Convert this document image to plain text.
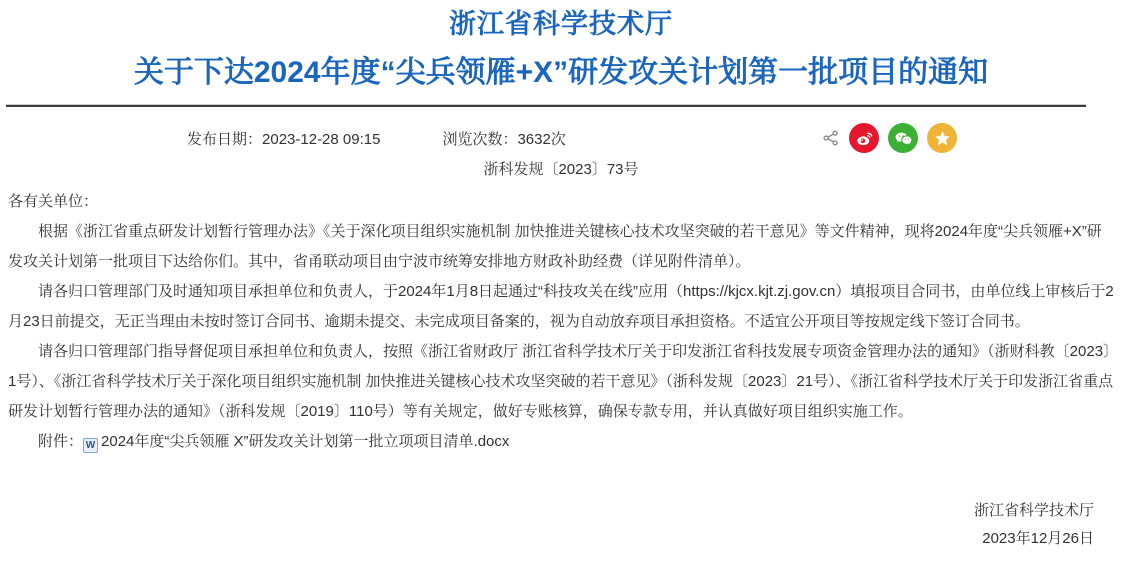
浙江省科学技术厅
关于下达2024年度“尖兵领雁+X”研发攻关计划第一批项目的通知
发布日期：2023-12-28 09:15	浏览次数：3632次
浙科发规〔2023〕73号

各有关单位：

根据《浙江省重点研发计划暂行管理办法》《关于深化项目组织实施机制 加快推进关键核心技术攻坚突破的若干意见》等文件精神，现将2024年度“尖兵领雁+X”研发攻关计划第一批项目下达给你们。其中，省甬联动项目由宁波市统筹安排地方财政补助经费（详见附件清单）。

请各归口管理部门及时通知项目承担单位和负责人，于2024年1月8日起通过“科技攻关在线”应用（https://kjcx.kjt.zj.gov.cn）填报项目合同书，由单位线上审核后于2月23日前提交，无正当理由未按时签订合同书、逾期未提交、未完成项目备案的，视为自动放弃项目承担资格。不适宜公开项目等按规定线下签订合同书。

请各归口管理部门指导督促项目承担单位和负责人，按照《浙江省财政厅 浙江省科学技术厅关于印发浙江省科技发展专项资金管理办法的通知》（浙财科教〔2023〕1号）、《浙江省科学技术厅关于深化项目组织实施机制 加快推进关键核心技术攻坚突破的若干意见》（浙科发规〔2023〕21号）、《浙江省科学技术厅关于印发浙江省重点研发计划暂行管理办法的通知》（浙科发规〔2019〕110号）等有关规定，做好专账核算，确保专款专用，并认真做好项目组织实施工作。

附件： W 2024年度“尖兵领雁 X”研发攻关计划第一批立项项目清单.docx

浙江省科学技术厅
2023年12月26日
